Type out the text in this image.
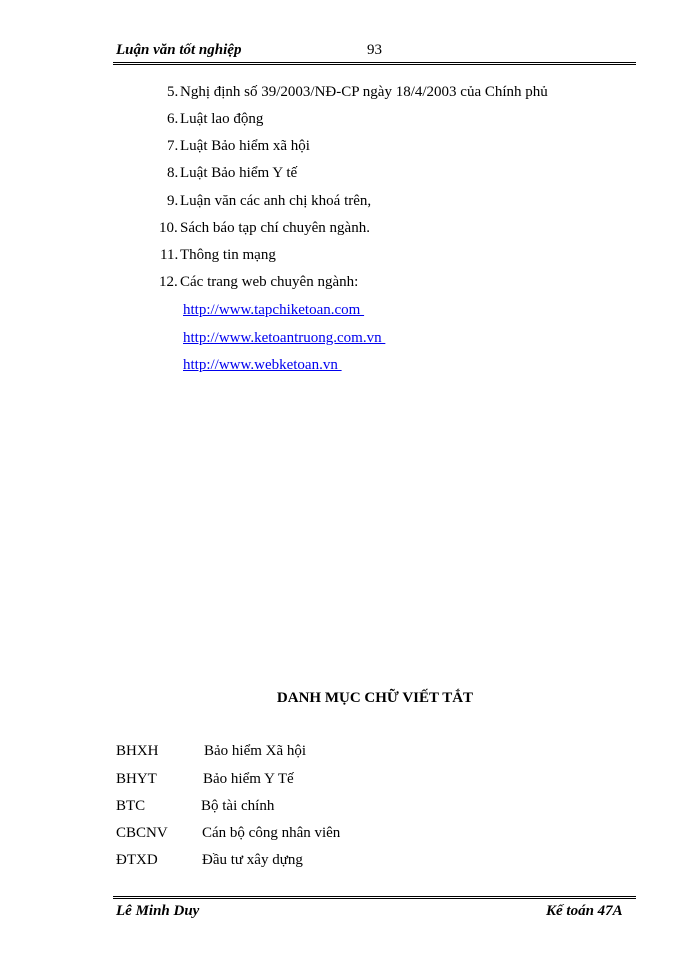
Luận văn tốt nghiệp	93
5. Nghị định số 39/2003/NĐ-CP ngày 18/4/2003 của Chính phủ
6. Luật lao động
7. Luật Bảo hiểm xã hội
8. Luật Bảo hiểm Y tế
9. Luận văn các anh chị khoá trên,
10. Sách báo tạp chí chuyên ngành.
11. Thông tin mạng
12. Các trang web chuyên ngành:
http://www.tapchiketoan.com
http://www.ketoantruong.com.vn
http://www.webketoan.vn
DANH MỤC CHỮ VIẾT TẮT
BHXH	Bảo hiểm Xã hội
BHYT	Bảo hiểm Y Tế
BTC	Bộ tài chính
CBCNV Cán bộ công nhân viên
ĐTXD	Đầu tư xây dựng
Lê Minh Duy	Kế toán 47A
